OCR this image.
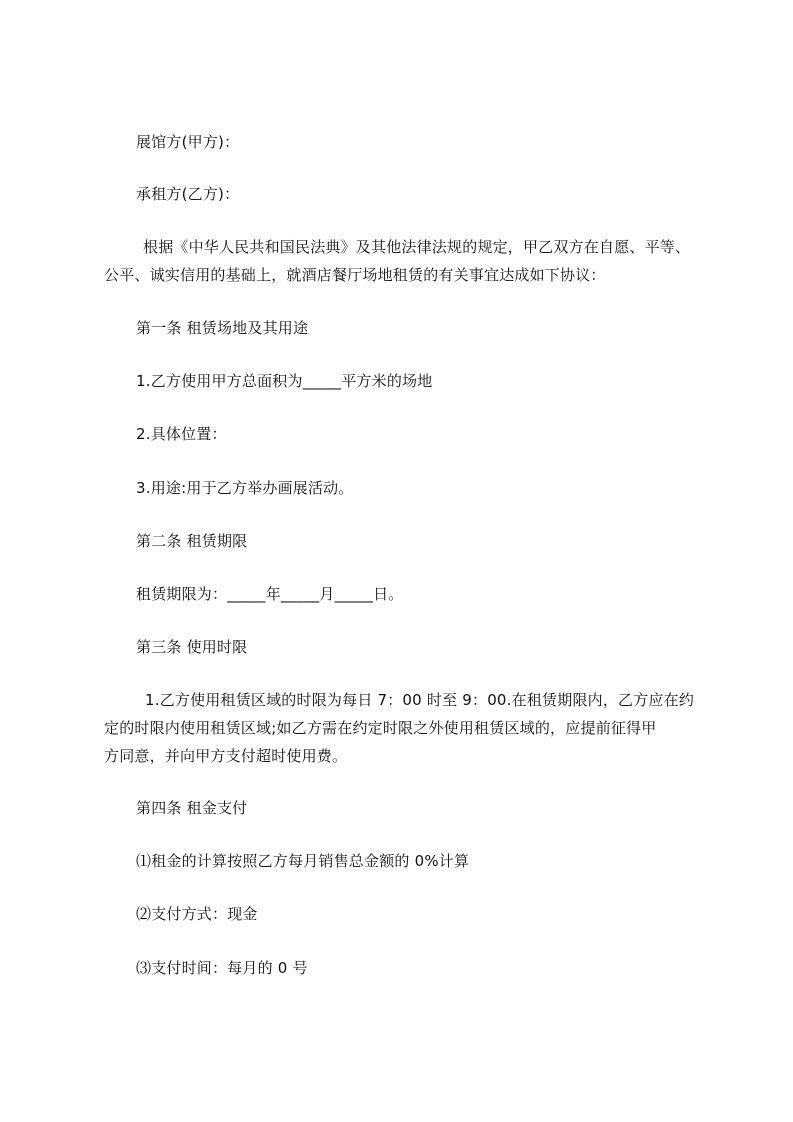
展馆方(甲方)：
承租方(乙方)：
根据《中华人民共和国民法典》及其他法律法规的规定，甲乙双方在自愿、平等、
公平、诚实信用的基础上，就酒店餐厅场地租赁的有关事宜达成如下协议：
第一条 租赁场地及其用途
1.乙方使用甲方总面积为_____平方米的场地
2.具体位置：
3.用途:用于乙方举办画展活动。
第二条 租赁期限
租赁期限为：_____年_____月_____日。
第三条 使用时限
1.乙方使用租赁区域的时限为每日 7：00 时至 9：00.在租赁期限内，乙方应在约
定的时限内使用租赁区域;如乙方需在约定时限之外使用租赁区域的，应提前征得甲
方同意，并向甲方支付超时使用费。
第四条 租金支付
⑴租金的计算按照乙方每月销售总金额的 0%计算
⑵支付方式：现金
⑶支付时间：每月的 0 号
